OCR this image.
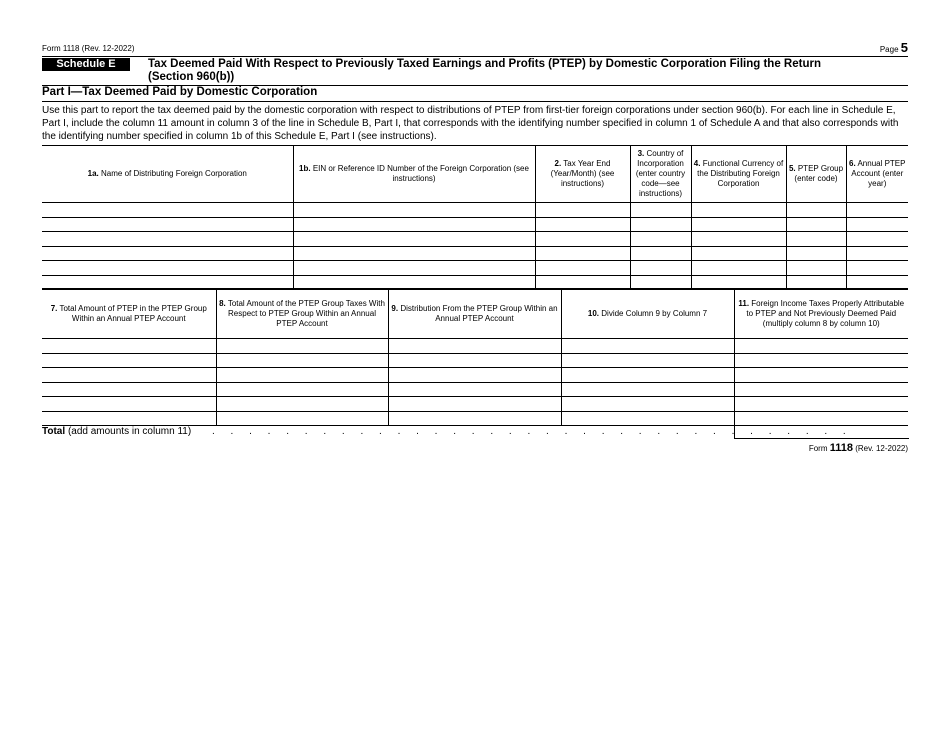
Form 1118 (Rev. 12-2022)	Page 5
Schedule E	Tax Deemed Paid With Respect to Previously Taxed Earnings and Profits (PTEP) by Domestic Corporation Filing the Return
(Section 960(b))
Part I—Tax Deemed Paid by Domestic Corporation
Use this part to report the tax deemed paid by the domestic corporation with respect to distributions of PTEP from first-tier foreign corporations under section 960(b). For each line in Schedule E, Part I, include the column 11 amount in column 3 of the line in Schedule B, Part I, that corresponds with the identifying number specified in column 1 of Schedule A and that also corresponds with the identifying number specified in column 1b of this Schedule E, Part I (see instructions).
1a. Name of Distributing Foreign Corporation	1b. EIN or Reference ID Number of the Foreign Corporation (see instructions)	2. Tax Year End (Year/Month) (see instructions)	3. Country of Incorporation (enter country code—see instructions)	4. Functional Currency of the Distributing Foreign Corporation	5. PTEP Group (enter code)	6. Annual PTEP Account (enter year)

7. Total Amount of PTEP in the PTEP Group Within an Annual PTEP Account	8. Total Amount of the PTEP Group Taxes With Respect to PTEP Group Within an Annual PTEP Account	9. Distribution From the PTEP Group Within an Annual PTEP Account	10. Divide Column 9 by Column 7	11. Foreign Income Taxes Properly Attributable to PTEP and Not Previously Deemed Paid (multiply column 8 by column 10)

Total (add amounts in column 11) . . . . . . . . . . . . . . . . . . . . . . . . . . . . . . . . . . .
Form 1118 (Rev. 12-2022)
